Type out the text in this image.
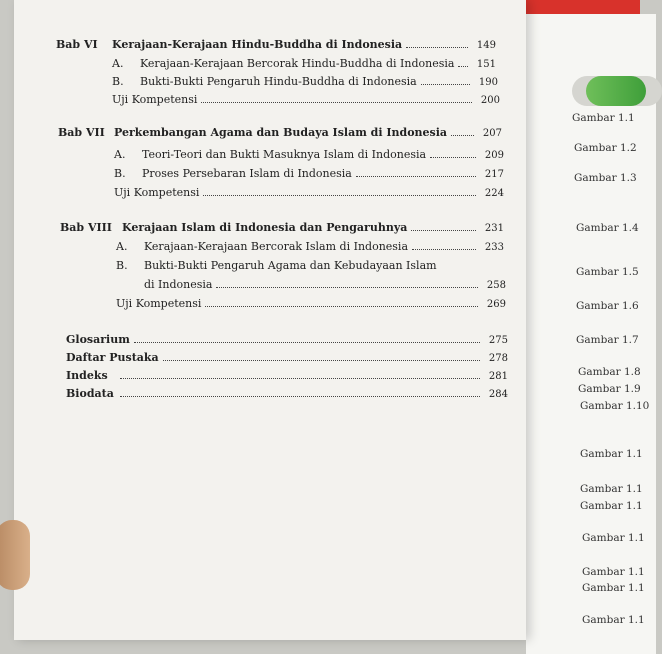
Bab VI	Kerajaan-Kerajaan Hindu-Buddha di Indonesia	149
A.	Kerajaan-Kerajaan Bercorak Hindu-Buddha di Indonesia 151
B.	Bukti-Bukti Pengaruh Hindu-Buddha di Indonesia	190
Uji Kompetensi	200
Bab VII Perkembangan Agama dan Budaya Islam di Indonesia	207
A.	Teori-Teori dan Bukti Masuknya Islam di Indonesia	209
B.	Proses Persebaran Islam di Indonesia	217
Uji Kompetensi	224
Bab VIII Kerajaan Islam di Indonesia dan Pengaruhnya	231
A.	Kerajaan-Kerajaan Bercorak Islam di Indonesia	233
B.	Bukti-Bukti Pengaruh Agama dan Kebudayaan Islam
di Indonesia	258
Uji Kompetensi	269
Glosarium	275
Daftar Pustaka	278
Indeks	281
Biodata	284
Gambar 1.1
Gambar 1.2
Gambar 1.3
Gambar 1.4
Gambar 1.5
Gambar 1.6
Gambar 1.7
Gambar 1.8
Gambar 1.9
Gambar 1.10
Gambar 1.1
Gambar 1.1
Gambar 1.1
Gambar 1.1
Gambar 1.1
Gambar 1.1
Gambar 1.1
